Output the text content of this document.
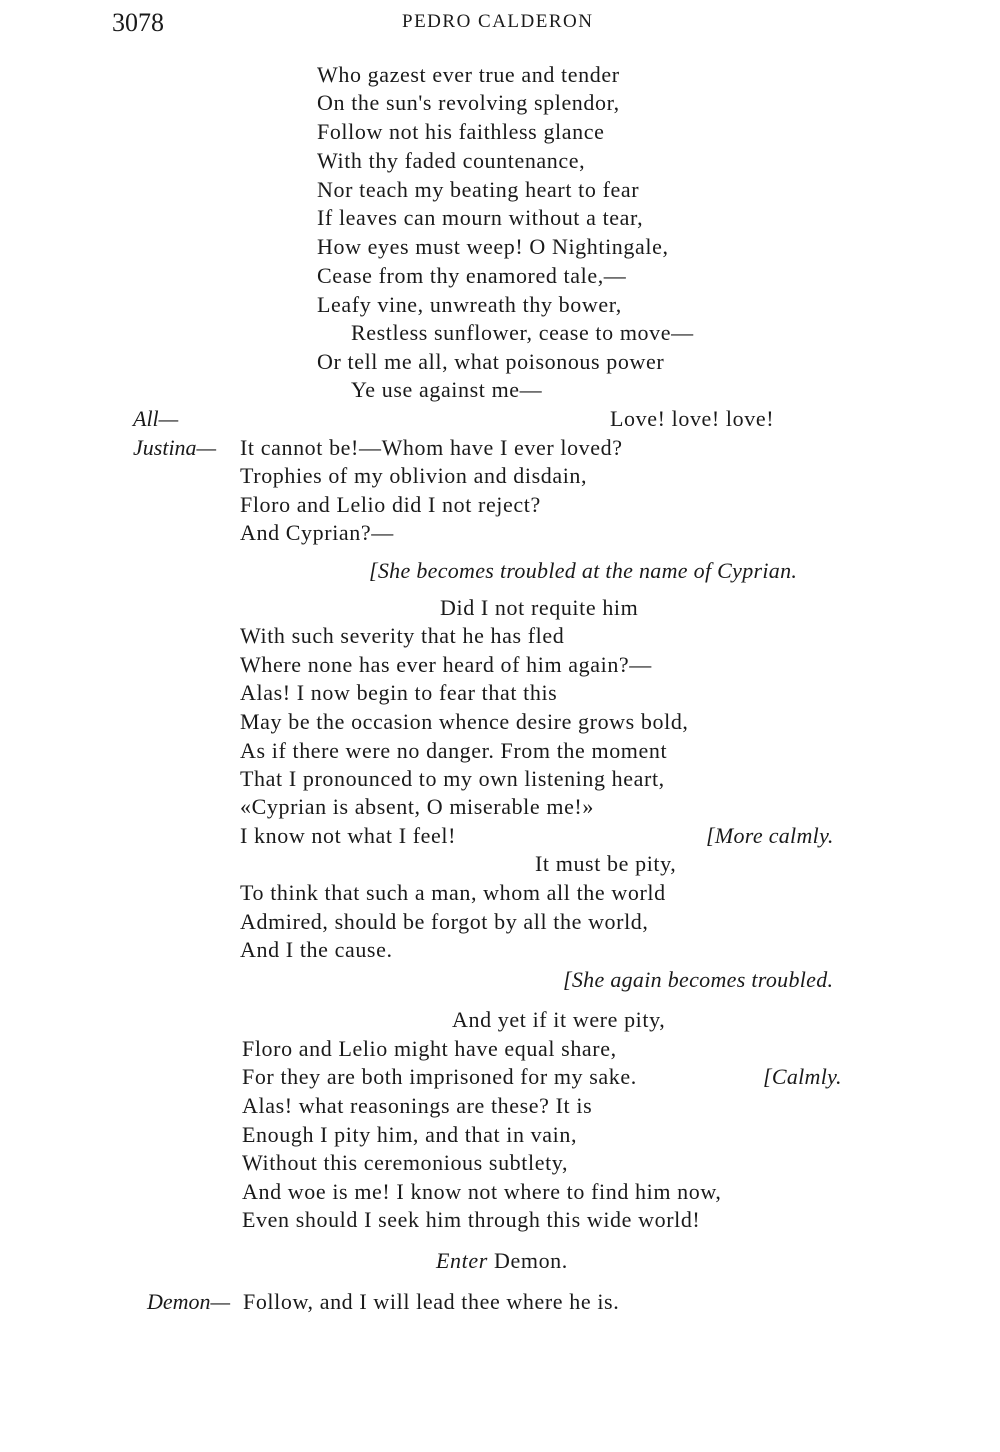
3078	PEDRO CALDERON
Who gazest ever true and tender
On the sun's revolving splendor,
Follow not his faithless glance
With thy faded countenance,
Nor teach my beating heart to fear
If leaves can mourn without a tear,
How eyes must weep! O Nightingale,
Cease from thy enamored tale,—
Leafy vine, unwreath thy bower,
Restless sunflower, cease to move—
Or tell me all, what poisonous power
Ye use against me—
All—	Love! love! love!
Justina— It cannot be!—Whom have I ever loved?
Trophies of my oblivion and disdain,
Floro and Lelio did I not reject?
And Cyprian?—
[She becomes troubled at the name of Cyprian.
Did I not requite him
With such severity that he has fled
Where none has ever heard of him again?—
Alas! I now begin to fear that this
May be the occasion whence desire grows bold,
As if there were no danger. From the moment
That I pronounced to my own listening heart,
«Cyprian is absent, O miserable me!»
I know not what I feel!	[More calmly.
It must be pity,
To think that such a man, whom all the world
Admired, should be forgot by all the world,
And I the cause.
[She again becomes troubled.
And yet if it were pity,
Floro and Lelio might have equal share,
For they are both imprisoned for my sake.	[Calmly.
Alas! what reasonings are these? It is
Enough I pity him, and that in vain,
Without this ceremonious subtlety,
And woe is me! I know not where to find him now,
Even should I seek him through this wide world!
Enter Demon.
Demon— Follow, and I will lead thee where he is.
